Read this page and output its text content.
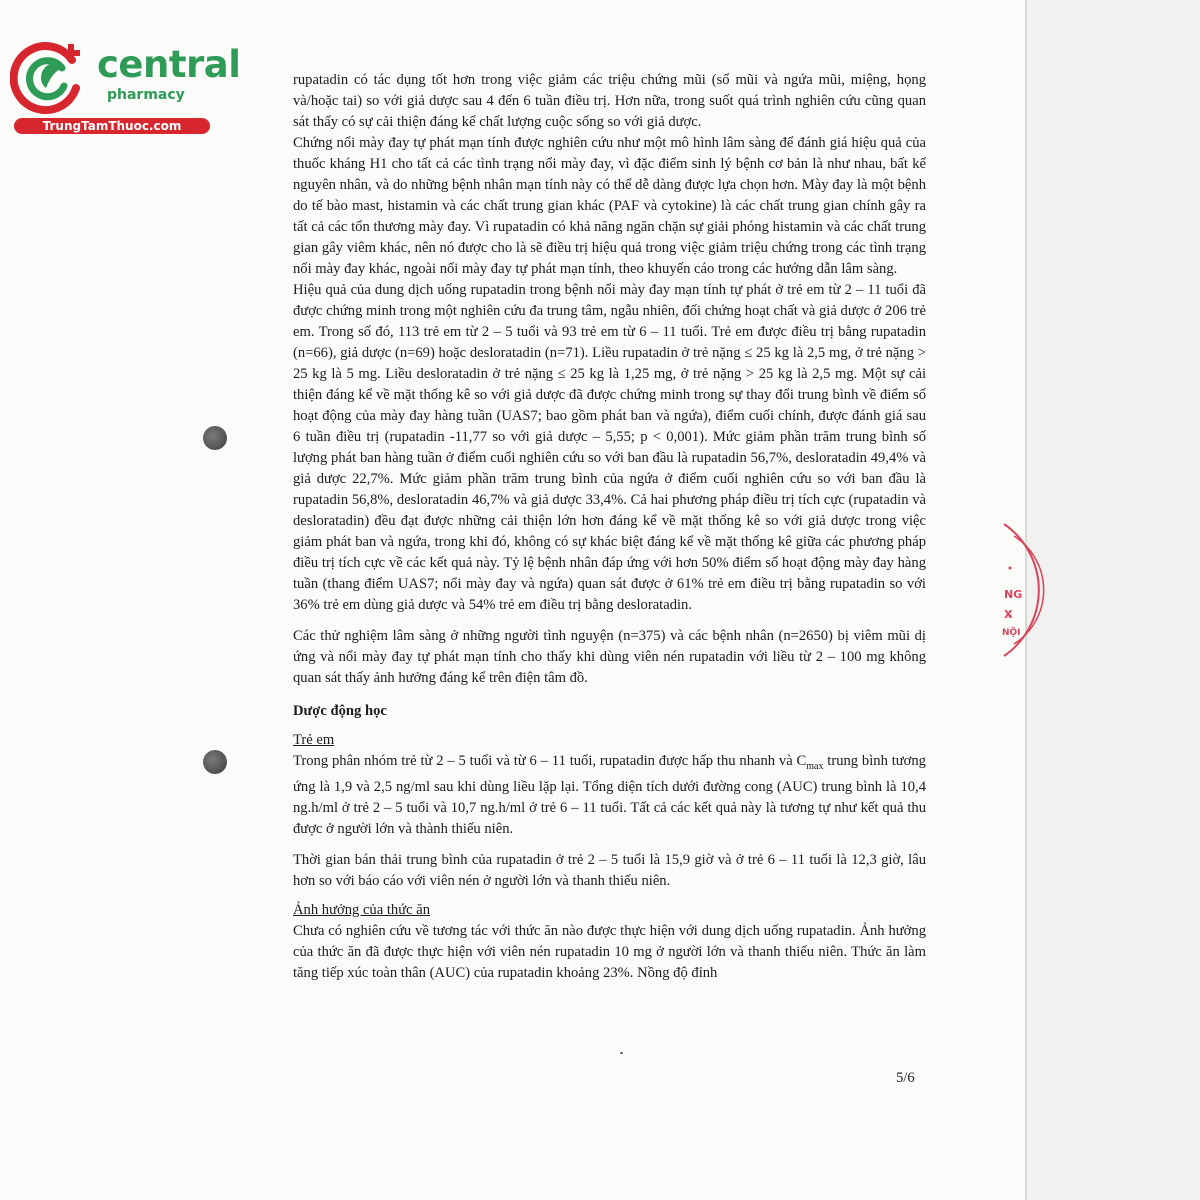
central
pharmacy
TrungTamThuoc.com
NG
X
NỘI

rupatadin có tác dụng tốt hơn trong việc giảm các triệu chứng mũi (sổ mũi và ngứa mũi, miệng, họng và/hoặc tai) so với giả dược sau 4 đến 6 tuần điều trị. Hơn nữa, trong suốt quá trình nghiên cứu cũng quan sát thấy có sự cải thiện đáng kể chất lượng cuộc sống so với giả dược.

Chứng nổi mày đay tự phát mạn tính được nghiên cứu như một mô hình lâm sàng để đánh giá hiệu quả của thuốc kháng H1 cho tất cả các tình trạng nổi mày đay, vì đặc điểm sinh lý bệnh cơ bản là như nhau, bất kể nguyên nhân, và do những bệnh nhân mạn tính này có thể dễ dàng được lựa chọn hơn. Mày đay là một bệnh do tế bào mast, histamin và các chất trung gian khác (PAF và cytokine) là các chất trung gian chính gây ra tất cả các tổn thương mày đay. Vì rupatadin có khả năng ngăn chặn sự giải phóng histamin và các chất trung gian gây viêm khác, nên nó được cho là sẽ điều trị hiệu quả trong việc giảm triệu chứng trong các tình trạng nổi mày đay khác, ngoài nổi mày đay tự phát mạn tính, theo khuyến cáo trong các hướng dẫn lâm sàng.

Hiệu quả của dung dịch uống rupatadin trong bệnh nổi mày đay mạn tính tự phát ở trẻ em từ 2 – 11 tuổi đã được chứng minh trong một nghiên cứu đa trung tâm, ngẫu nhiên, đối chứng hoạt chất và giả dược ở 206 trẻ em. Trong số đó, 113 trẻ em từ 2 – 5 tuổi và 93 trẻ em từ 6 – 11 tuổi. Trẻ em được điều trị bằng rupatadin (n=66), giả dược (n=69) hoặc desloratadin (n=71). Liều rupatadin ở trẻ nặng ≤ 25 kg là 2,5 mg, ở trẻ nặng > 25 kg là 5 mg. Liều desloratadin ở trẻ nặng ≤ 25 kg là 1,25 mg, ở trẻ nặng > 25 kg là 2,5 mg. Một sự cải thiện đáng kể về mặt thống kê so với giả dược đã được chứng minh trong sự thay đổi trung bình về điểm số hoạt động của mày đay hàng tuần (UAS7; bao gồm phát ban và ngứa), điểm cuối chính, được đánh giá sau 6 tuần điều trị (rupatadin -11,77 so với giả dược – 5,55; p < 0,001). Mức giảm phần trăm trung bình số lượng phát ban hàng tuần ở điểm cuối nghiên cứu so với ban đầu là rupatadin 56,7%, desloratadin 49,4% và giả dược 22,7%. Mức giảm phần trăm trung bình của ngứa ở điểm cuối nghiên cứu so với ban đầu là rupatadin 56,8%, desloratadin 46,7% và giả dược 33,4%. Cả hai phương pháp điều trị tích cực (rupatadin và desloratadin) đều đạt được những cải thiện lớn hơn đáng kể về mặt thống kê so với giả dược trong việc giảm phát ban và ngứa, trong khi đó, không có sự khác biệt đáng kể về mặt thống kê giữa các phương pháp điều trị tích cực về các kết quả này. Tỷ lệ bệnh nhân đáp ứng với hơn 50% điểm số hoạt động mày đay hàng tuần (thang điểm UAS7; nổi mày đay và ngứa) quan sát được ở 61% trẻ em điều trị bằng rupatadin so với 36% trẻ em dùng giả dược và 54% trẻ em điều trị bằng desloratadin.

Các thử nghiệm lâm sàng ở những người tình nguyện (n=375) và các bệnh nhân (n=2650) bị viêm mũi dị ứng và nổi mày đay tự phát mạn tính cho thấy khi dùng viên nén rupatadin với liều từ 2 – 100 mg không quan sát thấy ảnh hưởng đáng kể trên điện tâm đồ.

Dược động học

Trẻ em

Trong phân nhóm trẻ từ 2 – 5 tuổi và từ 6 – 11 tuổi, rupatadin được hấp thu nhanh và $C_{max}$ trung bình tương ứng là 1,9 và 2,5 ng/ml sau khi dùng liều lặp lại. Tổng diện tích dưới đường cong (AUC) trung bình là 10,4 ng.h/ml ở trẻ 2 – 5 tuổi và 10,7 ng.h/ml ở trẻ 6 – 11 tuổi. Tất cả các kết quả này là tương tự như kết quả thu được ở người lớn và thành thiếu niên.

Thời gian bán thải trung bình của rupatadin ở trẻ 2 – 5 tuổi là 15,9 giờ và ở trẻ 6 – 11 tuổi là 12,3 giờ, lâu hơn so với báo cáo với viên nén ở người lớn và thanh thiếu niên.

Ảnh hưởng của thức ăn

Chưa có nghiên cứu về tương tác với thức ăn nào được thực hiện với dung dịch uống rupatadin. Ảnh hưởng của thức ăn đã được thực hiện với viên nén rupatadin 10 mg ở người lớn và thanh thiếu niên. Thức ăn làm tăng tiếp xúc toàn thân (AUC) của rupatadin khoảng 23%. Nồng độ đỉnh

5/6
